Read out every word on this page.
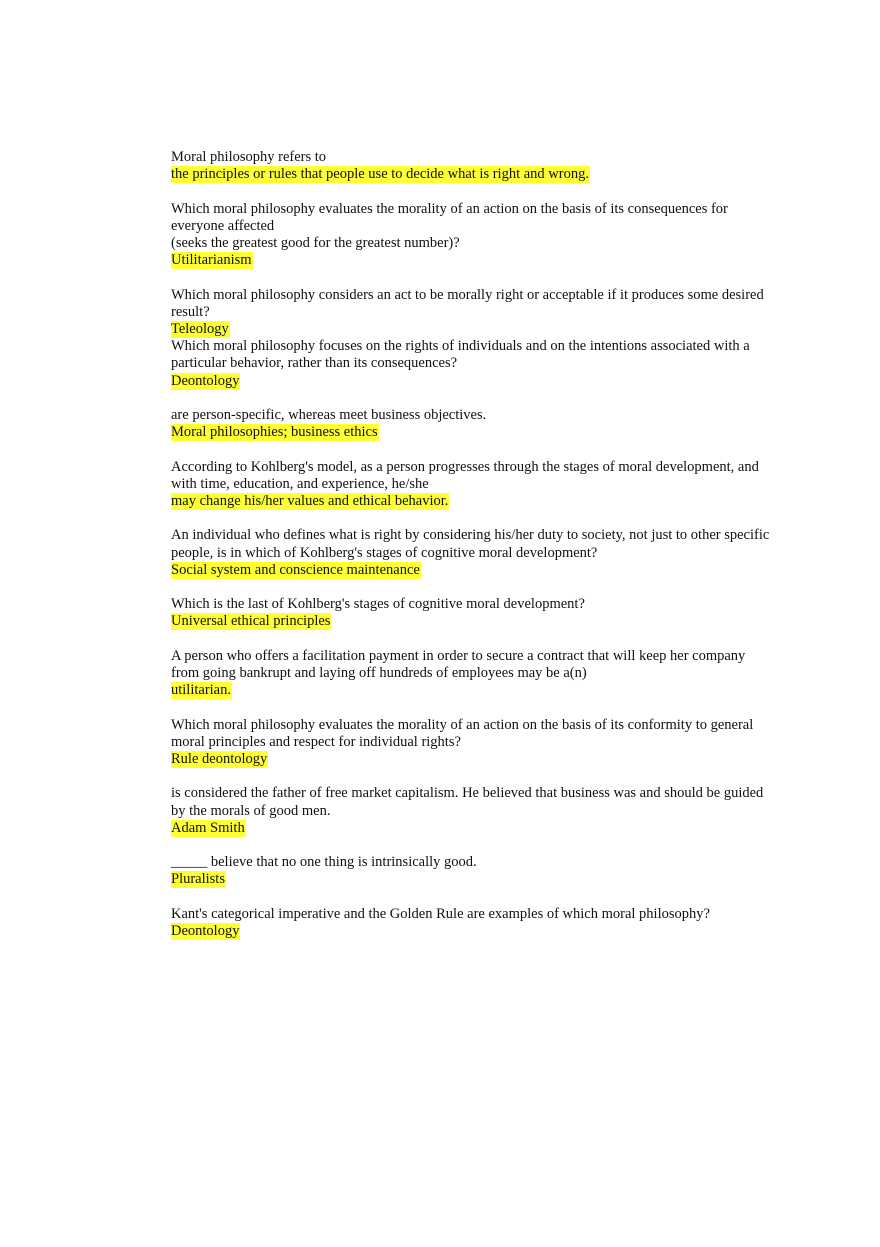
Moral philosophy refers to
the principles or rules that people use to decide what is right and wrong.
Which moral philosophy evaluates the morality of an action on the basis of its consequences for everyone affected
(seeks the greatest good for the greatest number)?
Utilitarianism
Which moral philosophy considers an act to be morally right or acceptable if it produces some desired result?
Teleology
Which moral philosophy focuses on the rights of individuals and on the intentions associated with a particular behavior, rather than its consequences?
Deontology
are person-specific, whereas meet business objectives.
Moral philosophies; business ethics
According to Kohlberg's model, as a person progresses through the stages of moral development, and with time, education, and experience, he/she
may change his/her values and ethical behavior.
An individual who defines what is right by considering his/her duty to society, not just to other specific people, is in which of Kohlberg's stages of cognitive moral development?
Social system and conscience maintenance
Which is the last of Kohlberg's stages of cognitive moral development?
Universal ethical principles
A person who offers a facilitation payment in order to secure a contract that will keep her company from going bankrupt and laying off hundreds of employees may be a(n)
utilitarian.
Which moral philosophy evaluates the morality of an action on the basis of its conformity to general moral principles and respect for individual rights?
Rule deontology
is considered the father of free market capitalism. He believed that business was and should be guided by the morals of good men.
Adam Smith
_____ believe that no one thing is intrinsically good.
Pluralists
Kant's categorical imperative and the Golden Rule are examples of which moral philosophy?
Deontology
